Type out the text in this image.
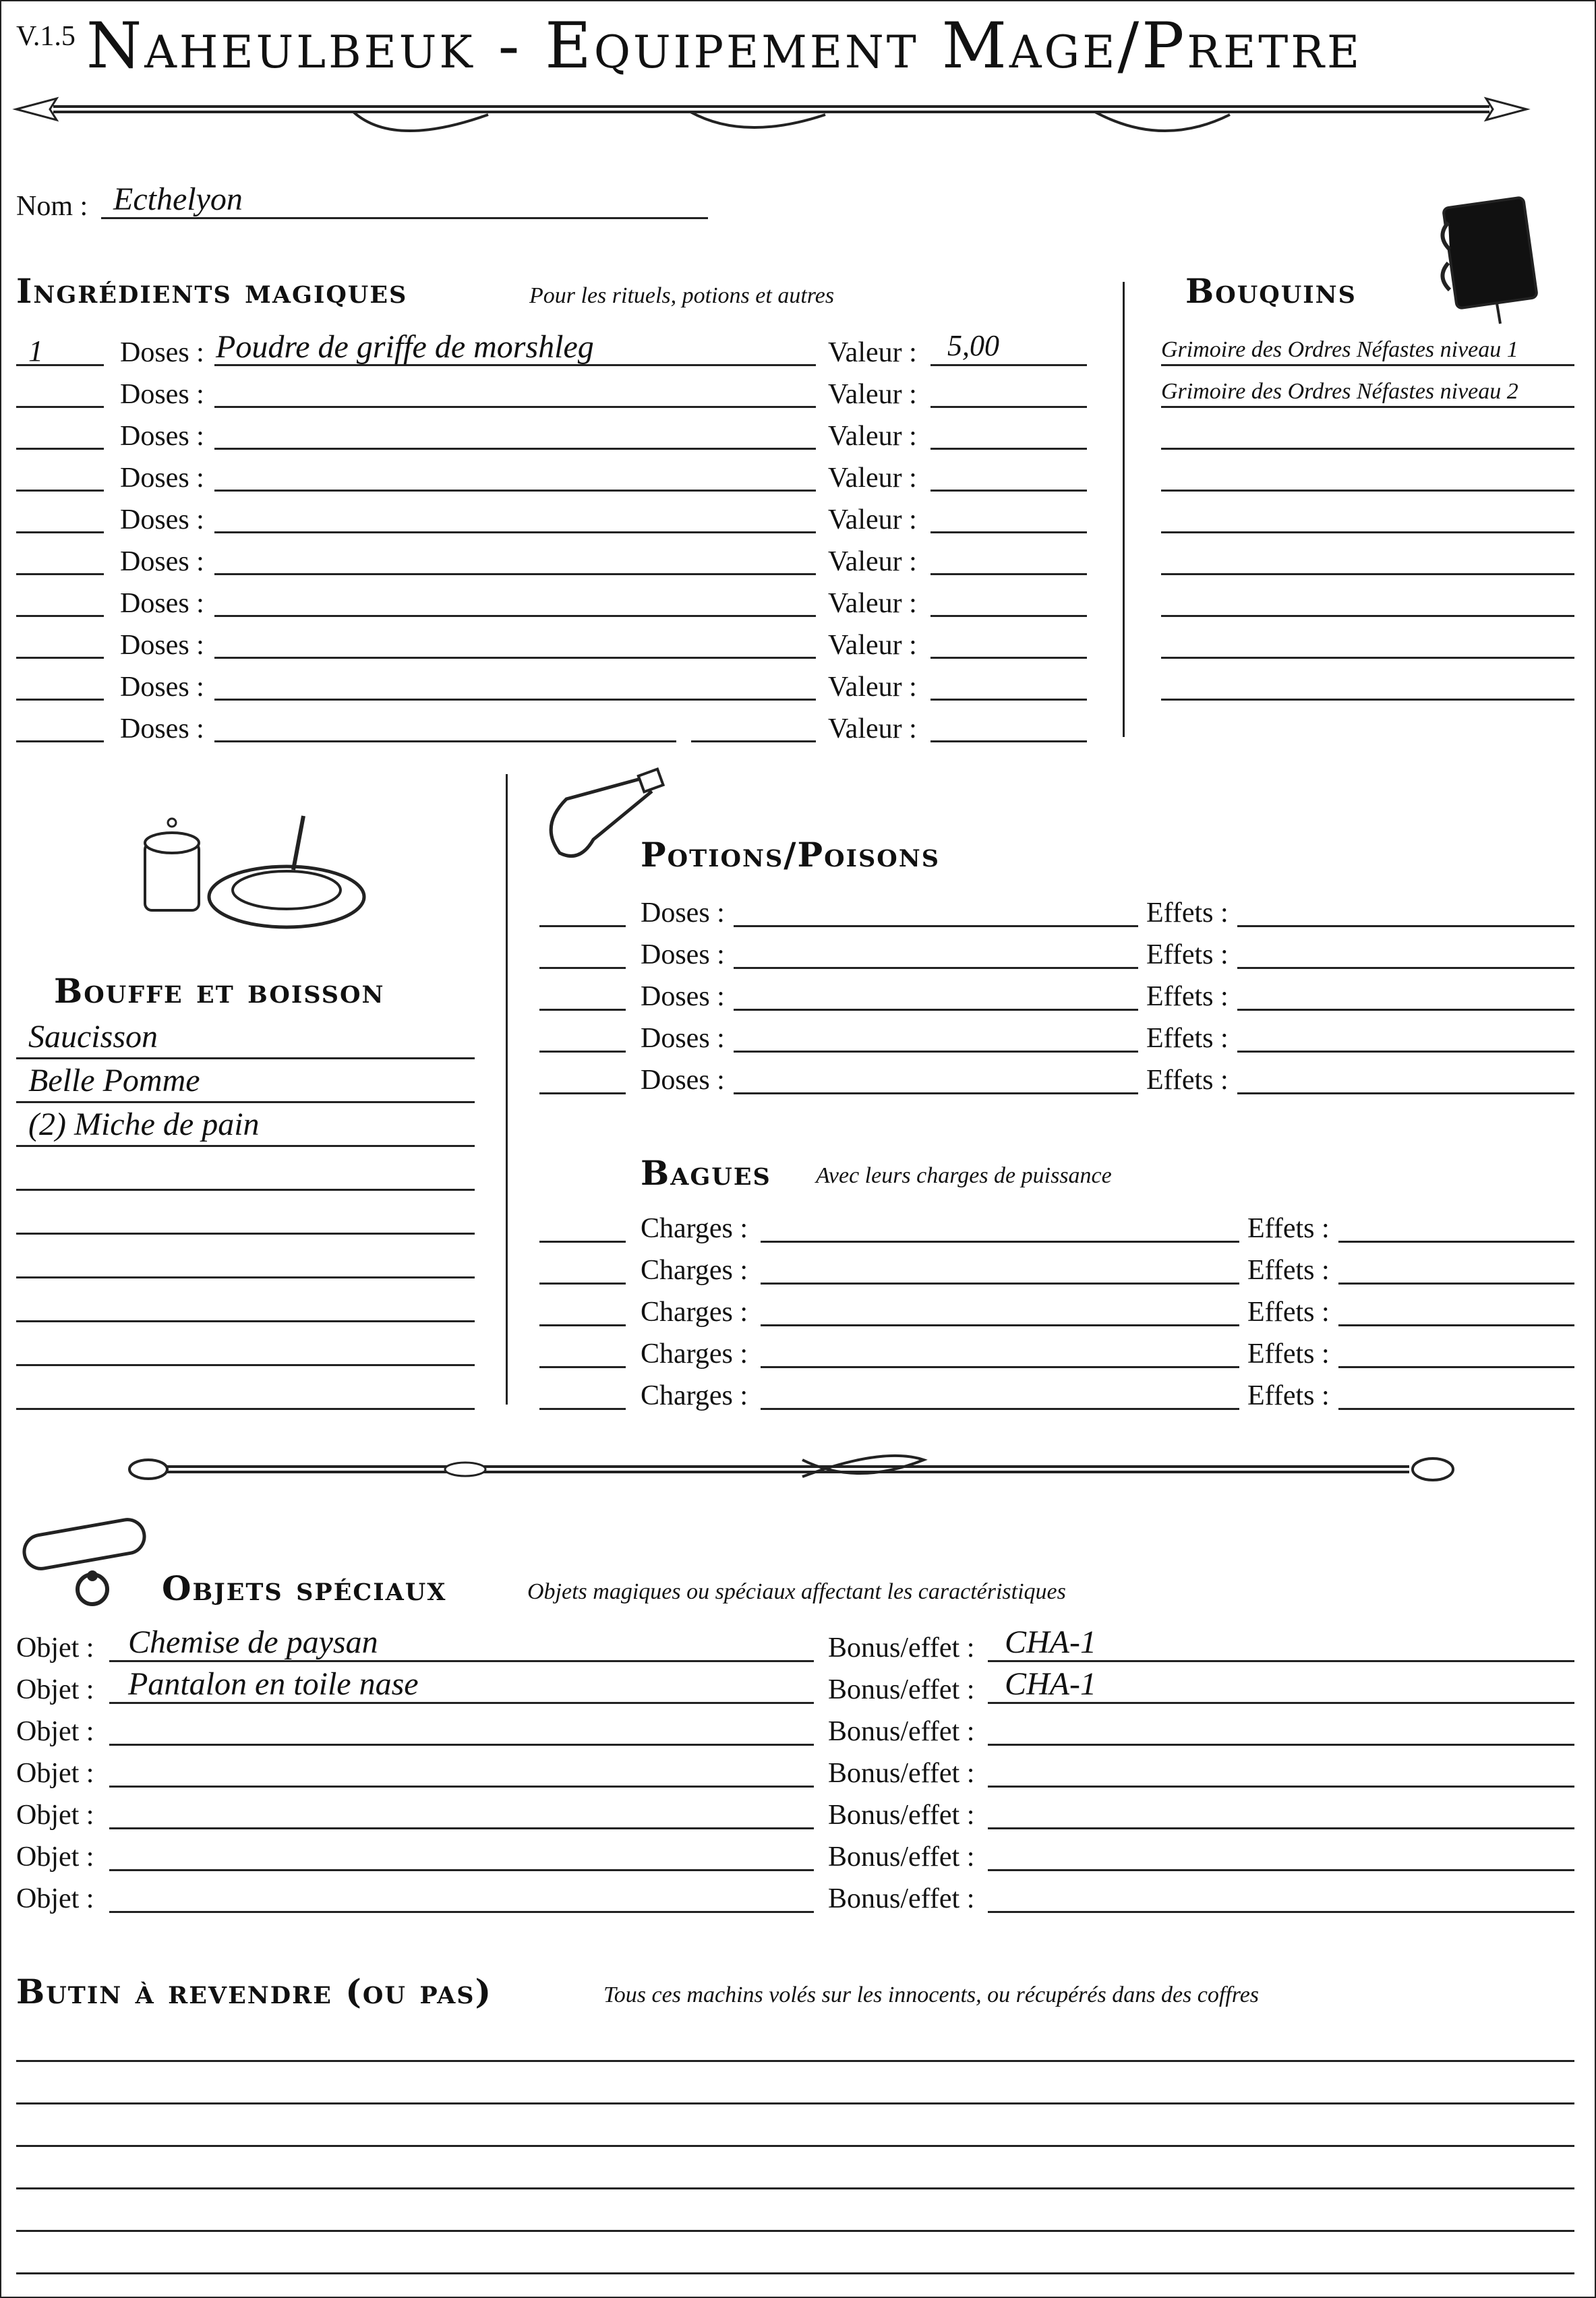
V.1.5 Naheulbeuk - Equipement Mage/Pretre
Nom : Ecthelyon
Ingrédients magiques	Pour les rituels, potions et autres
1	Doses : Poudre de griffe de morshleg	Valeur : 5,00
Doses :	Valeur :
Doses :	Valeur :
Doses :	Valeur :
Doses :	Valeur :
Doses :	Valeur :
Doses :	Valeur :
Doses :	Valeur :
Doses :	Valeur :
Doses :	Valeur :
Bouquins
Grimoire des Ordres Néfastes niveau 1
Grimoire des Ordres Néfastes niveau 2
Bouffe et boisson
Saucisson
Belle Pomme
(2) Miche de pain
Potions/Poisons
Doses :	Effets :
Doses :	Effets :
Doses :	Effets :
Doses :	Effets :
Doses :	Effets :
Bagues Avec leurs charges de puissance
Charges :	Effets :
Charges :	Effets :
Charges :	Effets :
Charges :	Effets :
Charges :	Effets :
Objets spéciaux	Objets magiques ou spéciaux affectant les caractéristiques
Objet : Chemise de paysan	Bonus/effet : CHA-1
Objet : Pantalon en toile nase	Bonus/effet : CHA-1
Objet :	Bonus/effet :
Objet :	Bonus/effet :
Objet :	Bonus/effet :
Objet :	Bonus/effet :
Objet :	Bonus/effet :
Butin à revendre (ou pas)	Tous ces machins volés sur les innocents, ou récupérés dans des coffres
